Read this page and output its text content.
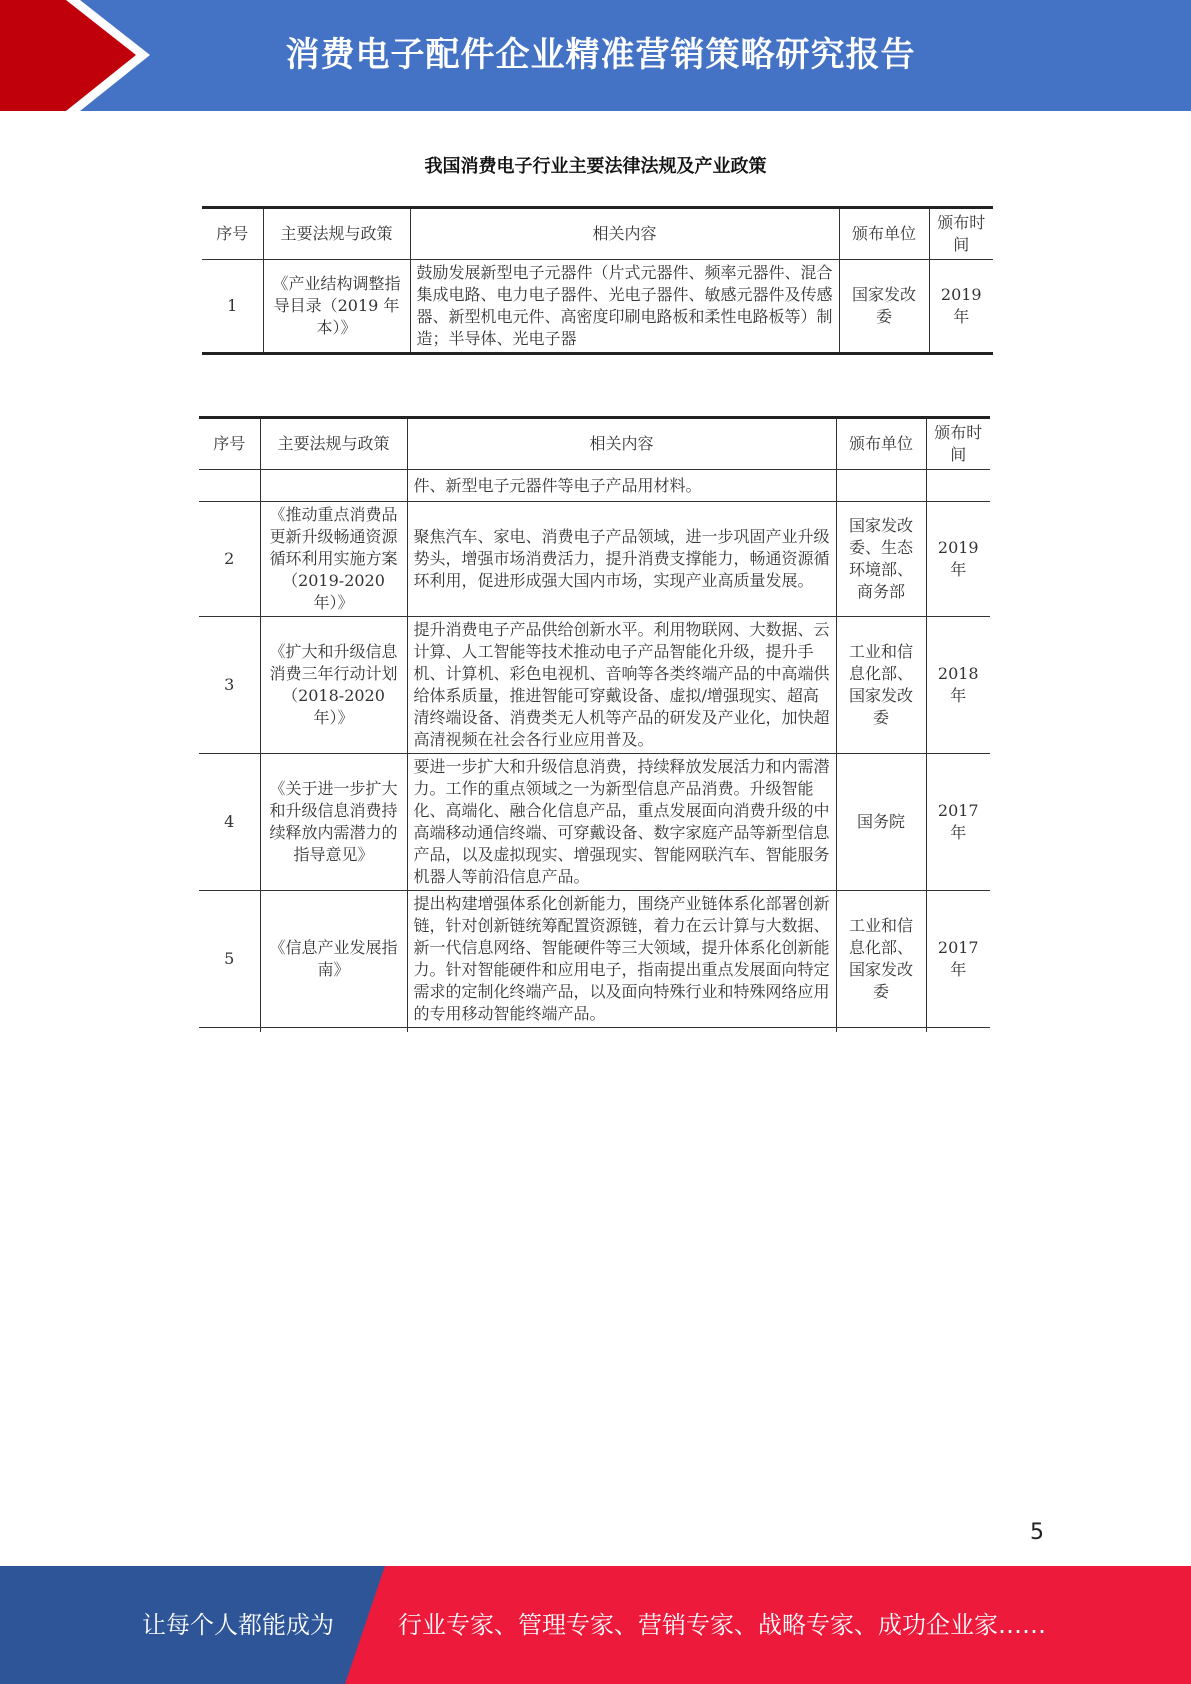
消费电子配件企业精准营销策略研究报告
我国消费电子行业主要法律法规及产业政策
序号	主要法规与政策	相关内容	颁布单位	颁布时间
1	《产业结构调整指导目录（2019 年本）》	鼓励发展新型电子元器件（片式元器件、频率元器件、混合集成电路、电力电子器件、光电子器件、敏感元器件及传感器、新型机电元件、高密度印刷电路板和柔性电路板等）制造；半导体、光电子器	国家发改委	2019年
序号	主要法规与政策	相关内容	颁布单位	颁布时间
		件、新型电子元器件等电子产品用材料。		
2	《推动重点消费品更新升级畅通资源循环利用实施方案（2019-2020年）》	聚焦汽车、家电、消费电子产品领域，进一步巩固产业升级势头，增强市场消费活力，提升消费支撑能力，畅通资源循环利用，促进形成强大国内市场，实现产业高质量发展。	国家发改委、生态环境部、商务部	2019年
3	《扩大和升级信息消费三年行动计划（2018-2020年）》	提升消费电子产品供给创新水平。利用物联网、大数据、云计算、人工智能等技术推动电子产品智能化升级，提升手机、计算机、彩色电视机、音响等各类终端产品的中高端供给体系质量，推进智能可穿戴设备、虚拟/增强现实、超高清终端设备、消费类无人机等产品的研发及产业化，加快超高清视频在社会各行业应用普及。	工业和信息化部、国家发改委	2018年
4	《关于进一步扩大和升级信息消费持续释放内需潜力的指导意见》	要进一步扩大和升级信息消费，持续释放发展活力和内需潜力。工作的重点领域之一为新型信息产品消费。升级智能化、高端化、融合化信息产品，重点发展面向消费升级的中高端移动通信终端、可穿戴设备、数字家庭产品等新型信息产品，以及虚拟现实、增强现实、智能网联汽车、智能服务机器人等前沿信息产品。	国务院	2017年
5	《信息产业发展指南》	提出构建增强体系化创新能力，围绕产业链体系化部署创新链，针对创新链统筹配置资源链，着力在云计算与大数据、新一代信息网络、智能硬件等三大领域，提升体系化创新能力。针对智能硬件和应用电子，指南提出重点发展面向特定需求的定制化终端产品，以及面向特殊行业和特殊网络应用的专用移动智能终端产品。	工业和信息化部、国家发改委	2017年

5
让每个人都能成为	行业专家、管理专家、营销专家、战略专家、成功企业家……
